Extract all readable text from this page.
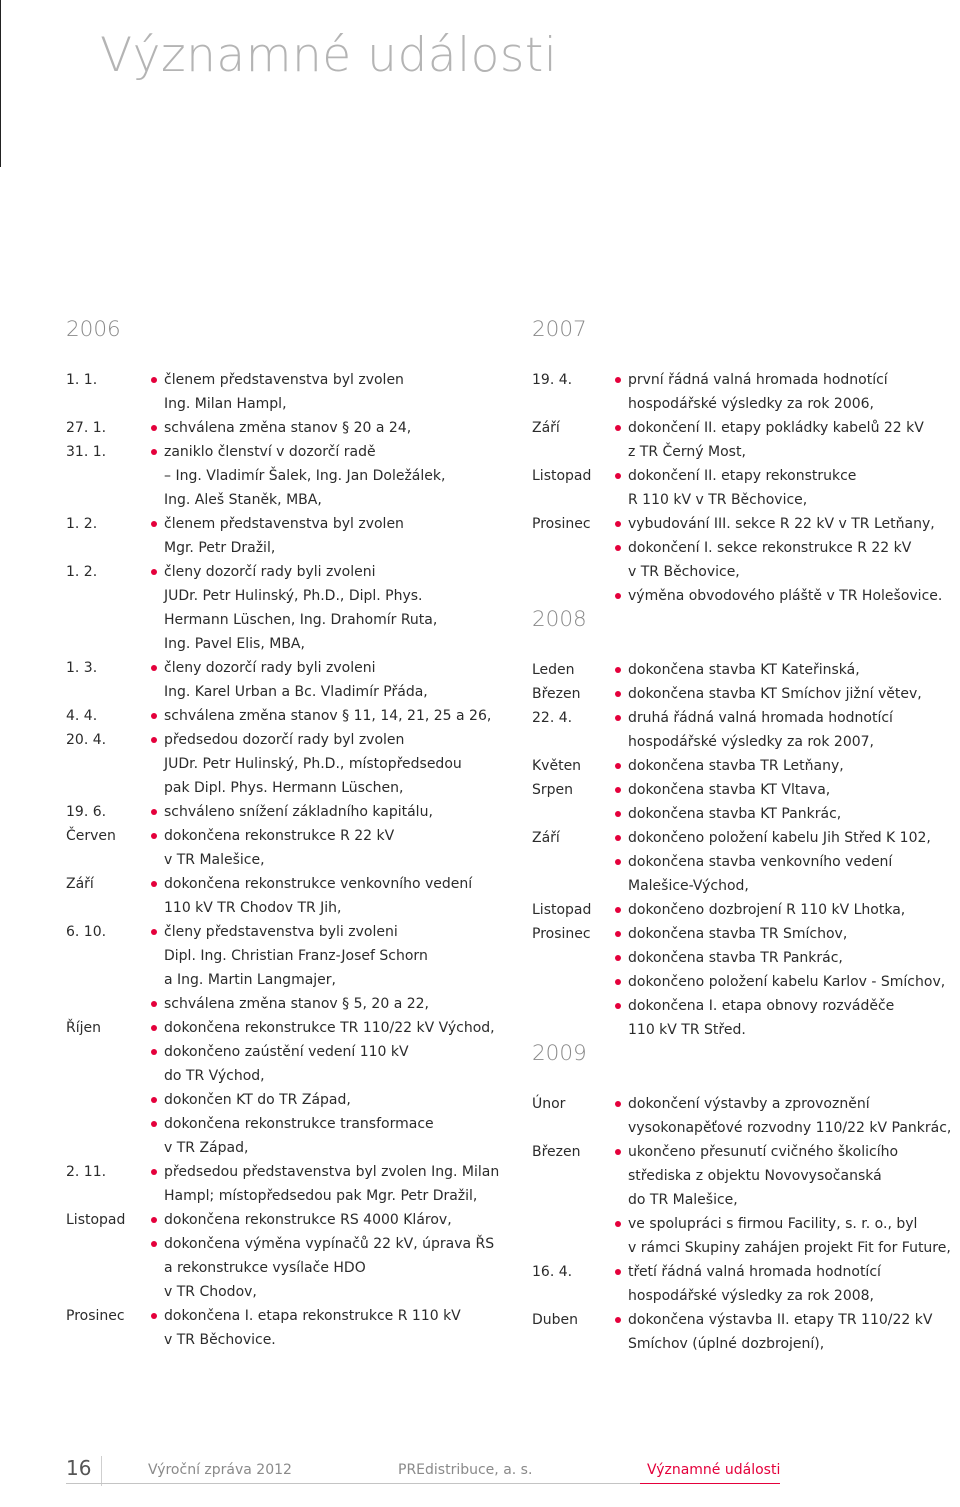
Významné události
2006
1. 1.	členem představenstva byl zvolen
Ing. Milan Hampl,
27. 1.	schválena změna stanov § 20 a 24,
31. 1.	zaniklo členství v dozorčí radě
– Ing. Vladimír Šalek, Ing. Jan Doležálek,
Ing. Aleš Staněk, MBA,
1. 2.	členem představenstva byl zvolen
Mgr. Petr Dražil,
1. 2.	členy dozorčí rady byli zvoleni
JUDr. Petr Hulinský, Ph.D., Dipl. Phys.
Hermann Lüschen, Ing. Drahomír Ruta,
Ing. Pavel Elis, MBA,
1. 3.	členy dozorčí rady byli zvoleni
Ing. Karel Urban a Bc. Vladimír Přáda,
4. 4.	schválena změna stanov § 11, 14, 21, 25 a 26,
20. 4.	předsedou dozorčí rady byl zvolen
JUDr. Petr Hulinský, Ph.D., místopředsedou
pak Dipl. Phys. Hermann Lüschen,
19. 6.	schváleno snížení základního kapitálu,
Červen	dokončena rekonstrukce R 22 kV
v TR Malešice,
Září	dokončena rekonstrukce venkovního vedení
110 kV TR Chodov TR Jih,
6. 10.	členy představenstva byli zvoleni
Dipl. Ing. Christian Franz-Josef Schorn
a Ing. Martin Langmajer,
schválena změna stanov § 5, 20 a 22,
Říjen	dokončena rekonstrukce TR 110/22 kV Východ,
dokončeno zaústění vedení 110 kV
do TR Východ,
dokončen KT do TR Západ,
dokončena rekonstrukce transformace
v TR Západ,
2. 11.	předsedou představenstva byl zvolen Ing. Milan
Hampl; místopředsedou pak Mgr. Petr Dražil,
Listopad	dokončena rekonstrukce RS 4000 Klárov,
dokončena výměna vypínačů 22 kV, úprava ŘS
a rekonstrukce vysílače HDO
v TR Chodov,
Prosinec	dokončena I. etapa rekonstrukce R 110 kV
v TR Běchovice.
2007
19. 4.	první řádná valná hromada hodnotící
hospodářské výsledky za rok 2006,
Září	dokončení II. etapy pokládky kabelů 22 kV
z TR Černý Most,
Listopad	dokončení II. etapy rekonstrukce
R 110 kV v TR Běchovice,
Prosinec	vybudování III. sekce R 22 kV v TR Letňany,
dokončení I. sekce rekonstrukce R 22 kV
v TR Běchovice,
výměna obvodového pláště v TR Holešovice.
2008
Leden	dokončena stavba KT Kateřinská,
Březen	dokončena stavba KT Smíchov jižní větev,
22. 4.	druhá řádná valná hromada hodnotící
hospodářské výsledky za rok 2007,
Květen	dokončena stavba TR Letňany,
Srpen	dokončena stavba KT Vltava,
dokončena stavba KT Pankrác,
Září	dokončeno položení kabelu Jih Střed K 102,
dokončena stavba venkovního vedení
Malešice-Východ,
Listopad	dokončeno dozbrojení R 110 kV Lhotka,
Prosinec	dokončena stavba TR Smíchov,
dokončena stavba TR Pankrác,
dokončeno položení kabelu Karlov - Smíchov,
dokončena I. etapa obnovy rozváděče
110 kV TR Střed.
2009
Únor	dokončení výstavby a zprovoznění
vysokonapěťové rozvodny 110/22 kV Pankrác,
Březen	ukončeno přesunutí cvičného školicího
střediska z objektu Novovysočanská
do TR Malešice,
ve spolupráci s firmou Facility, s. r. o., byl
v rámci Skupiny zahájen projekt Fit for Future,
16. 4.	třetí řádná valná hromada hodnotící
hospodářské výsledky za rok 2008,
Duben	dokončena výstavba II. etapy TR 110/22 kV
Smíchov (úplné dozbrojení),
16	Výroční zpráva 2012	PREdistribuce, a. s.	Významné události
